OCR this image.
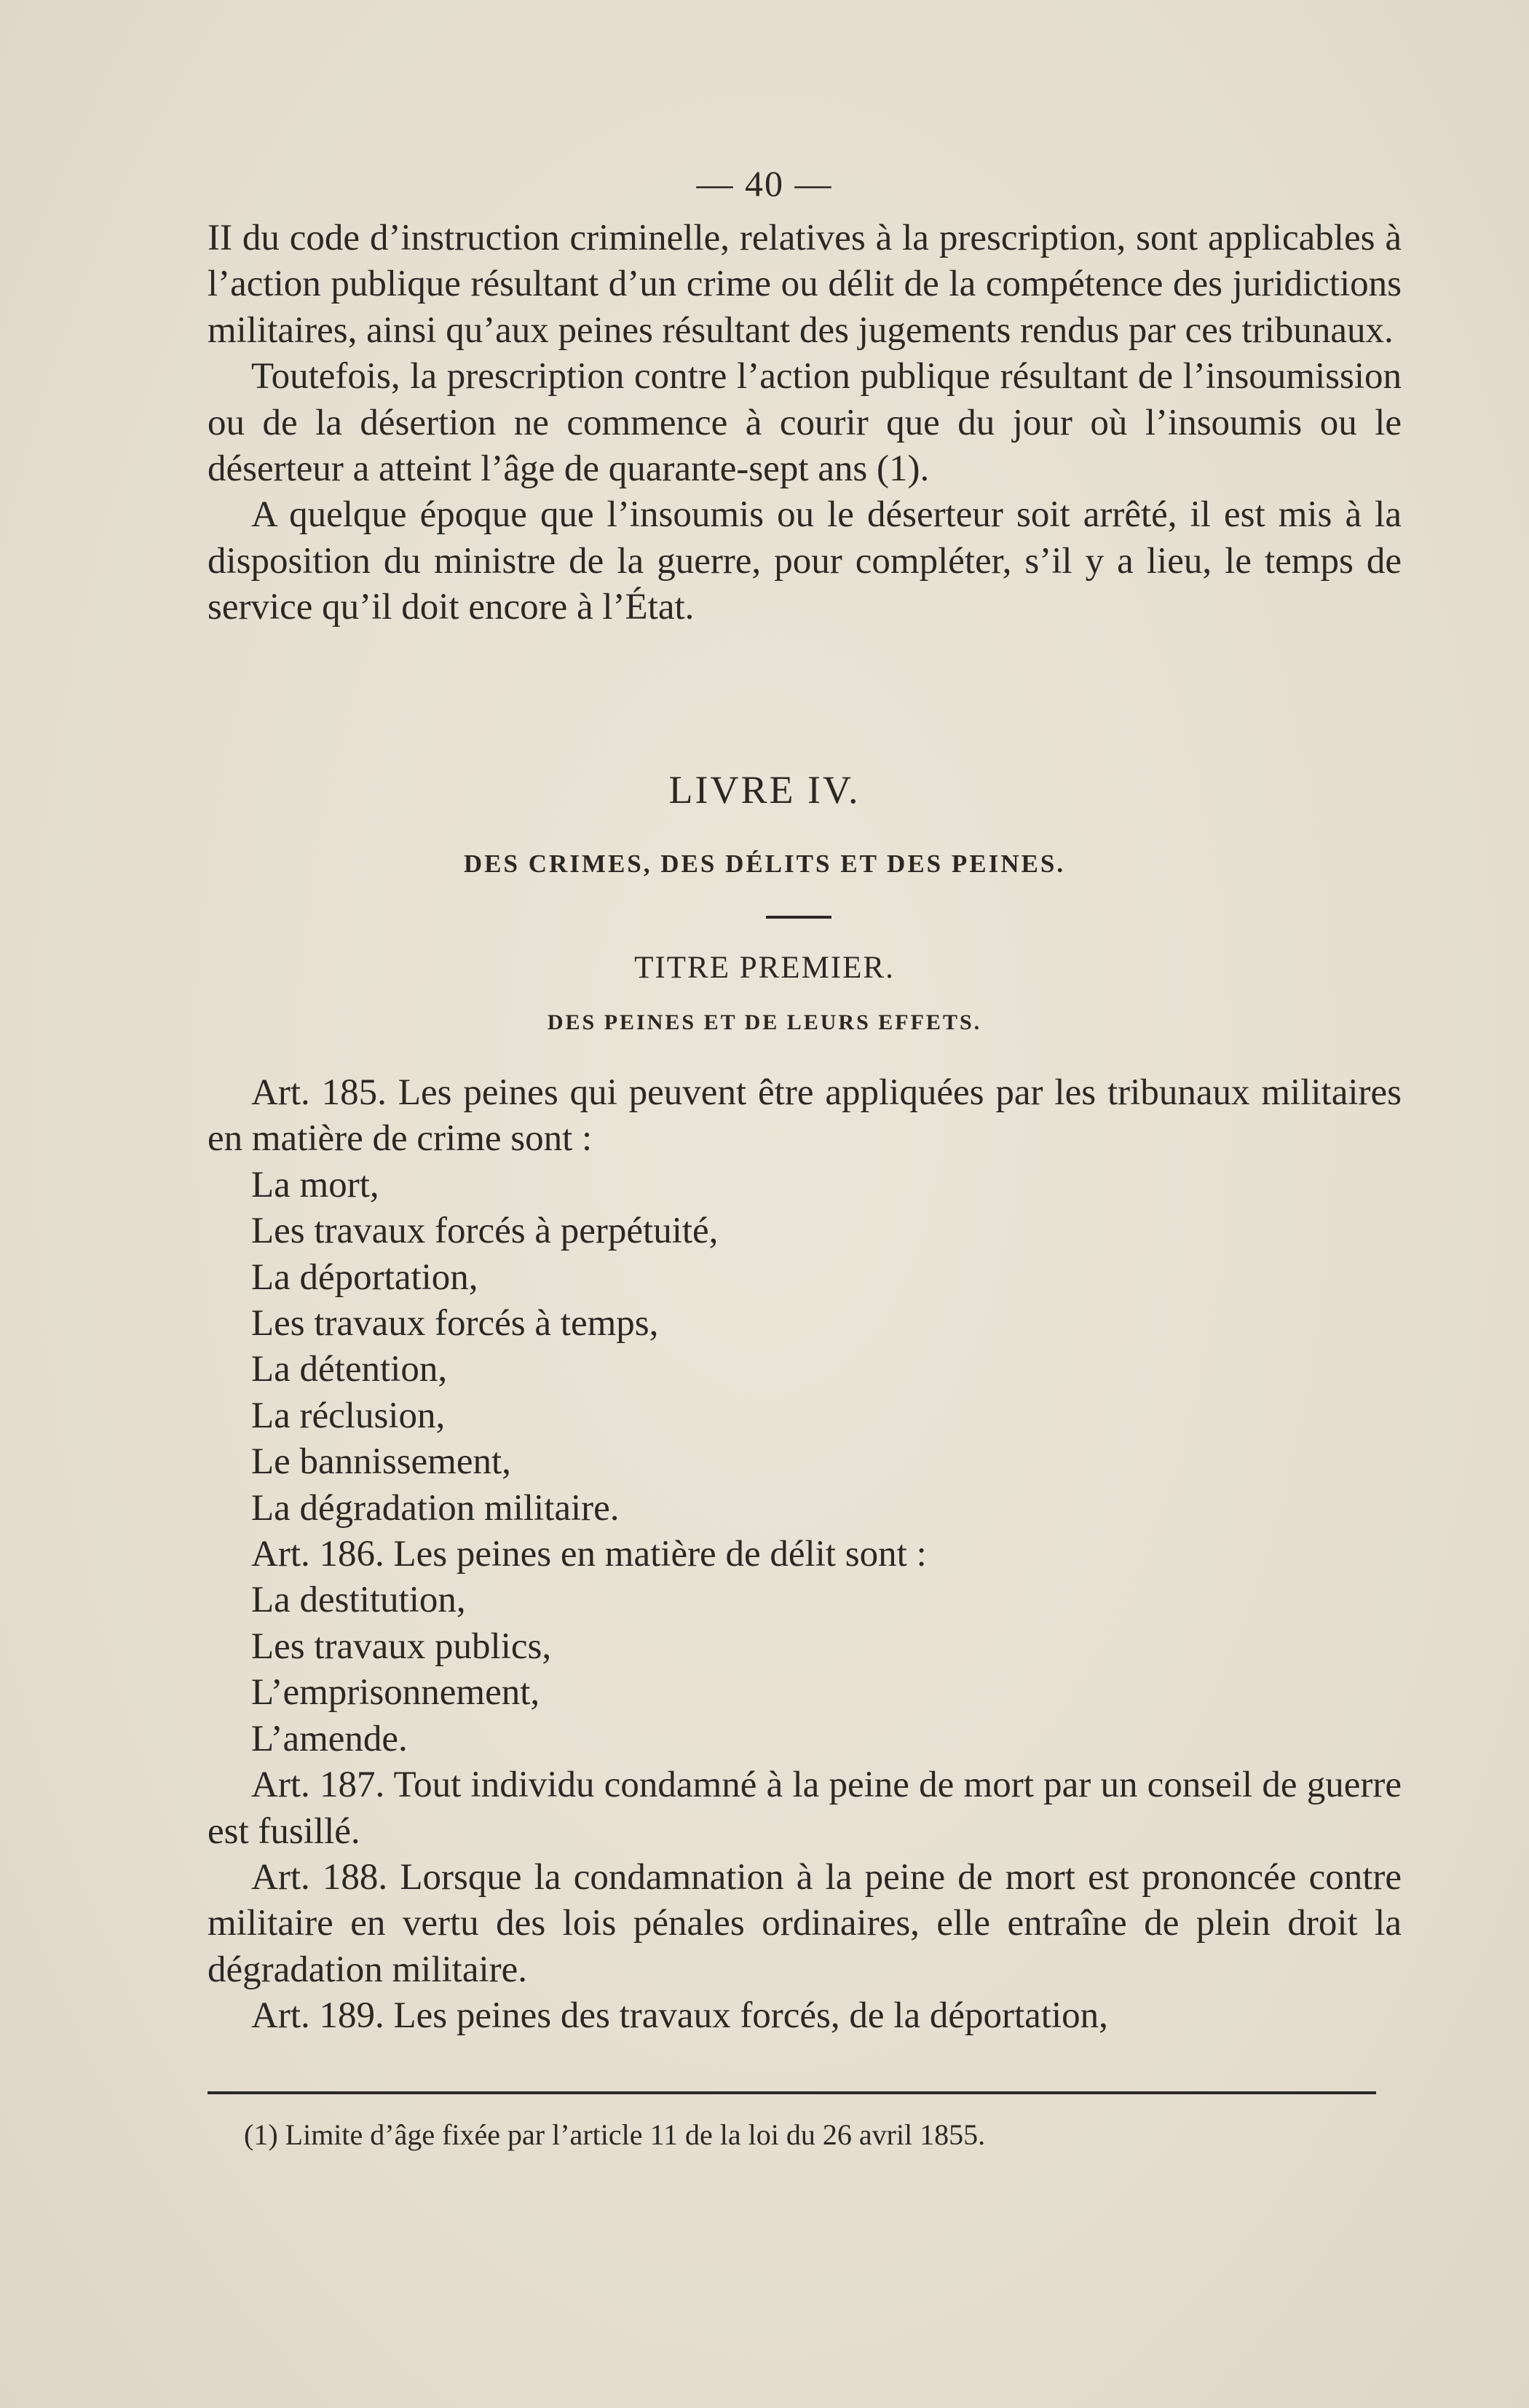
— 40 —

II du code d’instruction criminelle, relatives à la prescription, sont applicables à l’action publique résultant d’un crime ou délit de la compétence des juridictions militaires, ainsi qu’aux peines résultant des jugements rendus par ces tribunaux.

Toutefois, la prescription contre l’action publique résultant de l’insoumission ou de la désertion ne commence à courir que du jour où l’insoumis ou le déserteur a atteint l’âge de quarante-sept ans (1).

A quelque époque que l’insoumis ou le déserteur soit arrêté, il est mis à la disposition du ministre de la guerre, pour compléter, s’il y a lieu, le temps de service qu’il doit encore à l’État.

LIVRE IV.
DES CRIMES, DES DÉLITS ET DES PEINES.
TITRE PREMIER.
DES PEINES ET DE LEURS EFFETS.

Art. 185. Les peines qui peuvent être appliquées par les tribunaux militaires en matière de crime sont :

La mort,

Les travaux forcés à perpétuité,

La déportation,

Les travaux forcés à temps,

La détention,

La réclusion,

Le bannissement,

La dégradation militaire.

Art. 186. Les peines en matière de délit sont :

La destitution,

Les travaux publics,

L’emprisonnement,

L’amende.

Art. 187. Tout individu condamné à la peine de mort par un conseil de guerre est fusillé.

Art. 188. Lorsque la condamnation à la peine de mort est prononcée contre militaire en vertu des lois pénales ordinaires, elle entraîne de plein droit la dégradation militaire.

Art. 189. Les peines des travaux forcés, de la déportation,

(1) Limite d’âge fixée par l’article 11 de la loi du 26 avril 1855.
